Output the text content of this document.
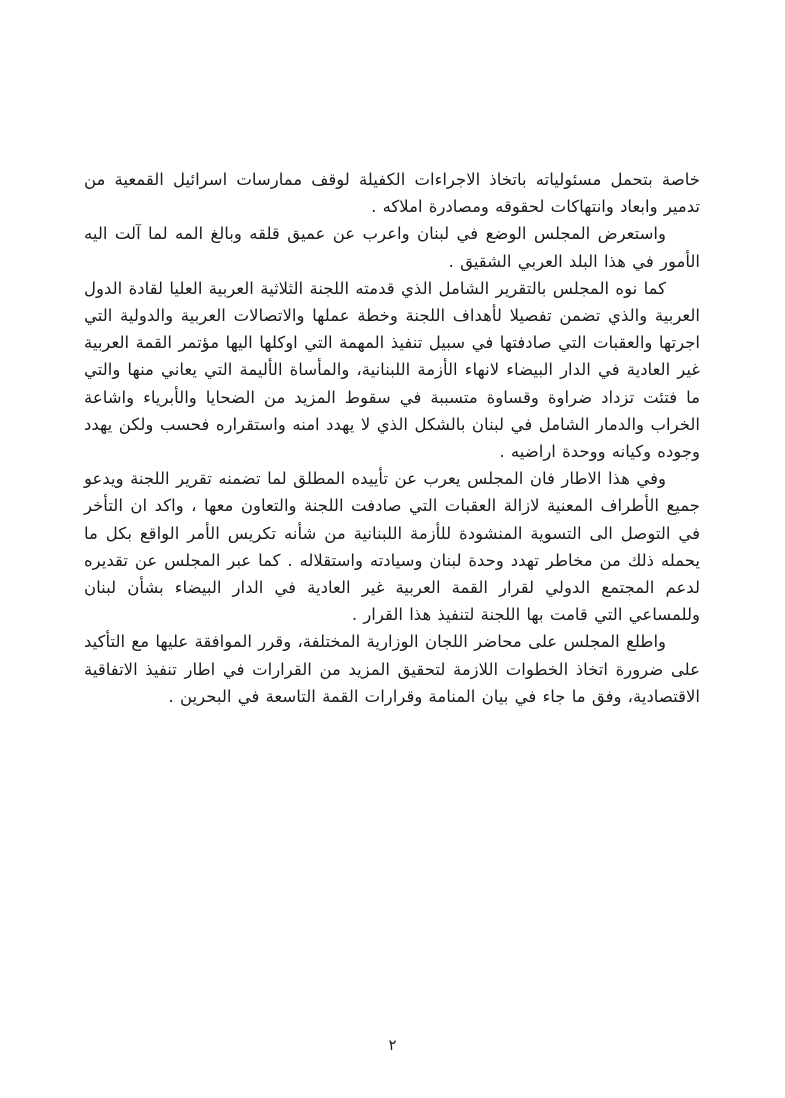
خاصة بتحمل مسئولياته باتخاذ الاجراءات الكفيلة لوقف ممارسات اسرائيل القمعية من تدمير وابعاد وانتهاكات لحقوقه ومصادرة املاكه .

واستعرض المجلس الوضع في لبنان واعرب عن عميق قلقه وبالغ المه لما آلت اليه الأمور في هذا البلد العربي الشقيق .

كما نوه المجلس بالتقرير الشامل الذي قدمته اللجنة الثلاثية العربية العليا لقادة الدول العربية والذي تضمن تفصيلا لأهداف اللجنة وخطة عملها والاتصالات العربية والدولية التي اجرتها والعقبات التي صادفتها في سبيل تنفيذ المهمة التي اوكلها اليها مؤتمر القمة العربية غير العادية في الدار البيضاء لانهاء الأزمة اللبنانية، والمأساة الأليمة التي يعاني منها والتي ما فتئت تزداد ضراوة وقساوة متسببة في سقوط المزيد من الضحايا والأبرياء واشاعة الخراب والدمار الشامل في لبنان بالشكل الذي لا يهدد امنه واستقراره فحسب ولكن يهدد وجوده وكيانه ووحدة اراضيه .

وفي هذا الاطار فان المجلس يعرب عن تأييده المطلق لما تضمنه تقرير اللجنة ويدعو جميع الأطراف المعنية لازالة العقبات التي صادفت اللجنة والتعاون معها ، واكد ان التأخر في التوصل الى التسوية المنشودة للأزمة اللبنانية من شأنه تكريس الأمر الواقع بكل ما يحمله ذلك من مخاطر تهدد وحدة لبنان وسيادته واستقلاله . كما عبر المجلس عن تقديره لدعم المجتمع الدولي لقرار القمة العربية غير العادية في الدار البيضاء بشأن لبنان وللمساعي التي قامت بها اللجنة لتنفيذ هذا القرار .

واطلع المجلس على محاضر اللجان الوزارية المختلفة، وقرر الموافقة عليها مع التأكيد على ضرورة اتخاذ الخطوات اللازمة لتحقيق المزيد من القرارات في اطار تنفيذ الاتفاقية الاقتصادية، وفق ما جاء في بيان المنامة وقرارات القمة التاسعة في البحرين .

٢
